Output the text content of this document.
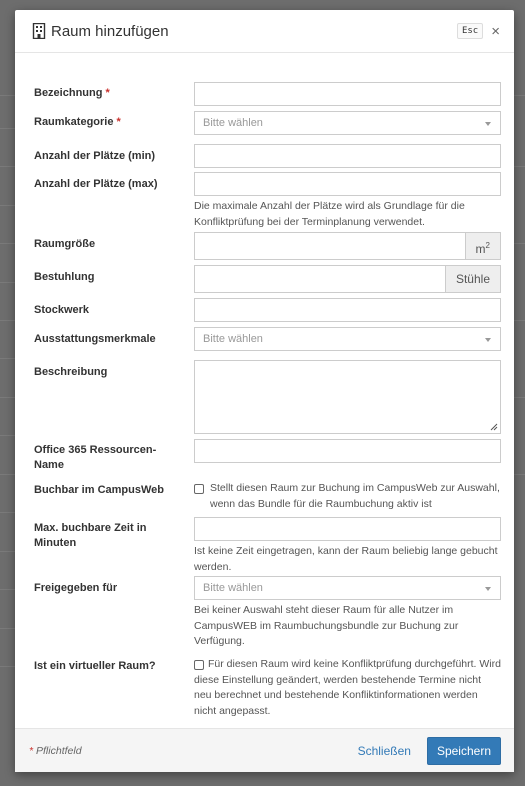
Raum hinzufügen	Esc ×
Bezeichnung *
Raumkategorie *	Bitte wählen
Anzahl der Plätze (min)
Anzahl der Plätze (max)
Die maximale Anzahl der Plätze wird als Grundlage für die Konfliktprüfung bei der Terminplanung verwendet.
Raumgröße	$m^2$
Bestuhlung	Stühle
Stockwerk
Ausstattungsmerkmale	Bitte wählen
Beschreibung
Office 365 Ressourcen-Name
Buchbar im CampusWeb	Stellt diesen Raum zur Buchung im CampusWeb zur Auswahl, wenn das Bundle für die Raumbuchung aktiv ist
Max. buchbare Zeit in Minuten
Ist keine Zeit eingetragen, kann der Raum beliebig lange gebucht werden.
Freigegeben für	Bitte wählen
Bei keiner Auswahl steht dieser Raum für alle Nutzer im CampusWEB im Raumbuchungsbundle zur Buchung zur Verfügung.
Ist ein virtueller Raum?	Für diesen Raum wird keine Konfliktprüfung durchgeführt. Wird diese Einstellung geändert, werden bestehende Termine nicht neu berechnet und bestehende Konfliktinformationen werden nicht angepasst.
* Pflichtfeld	Schließen	Speichern
